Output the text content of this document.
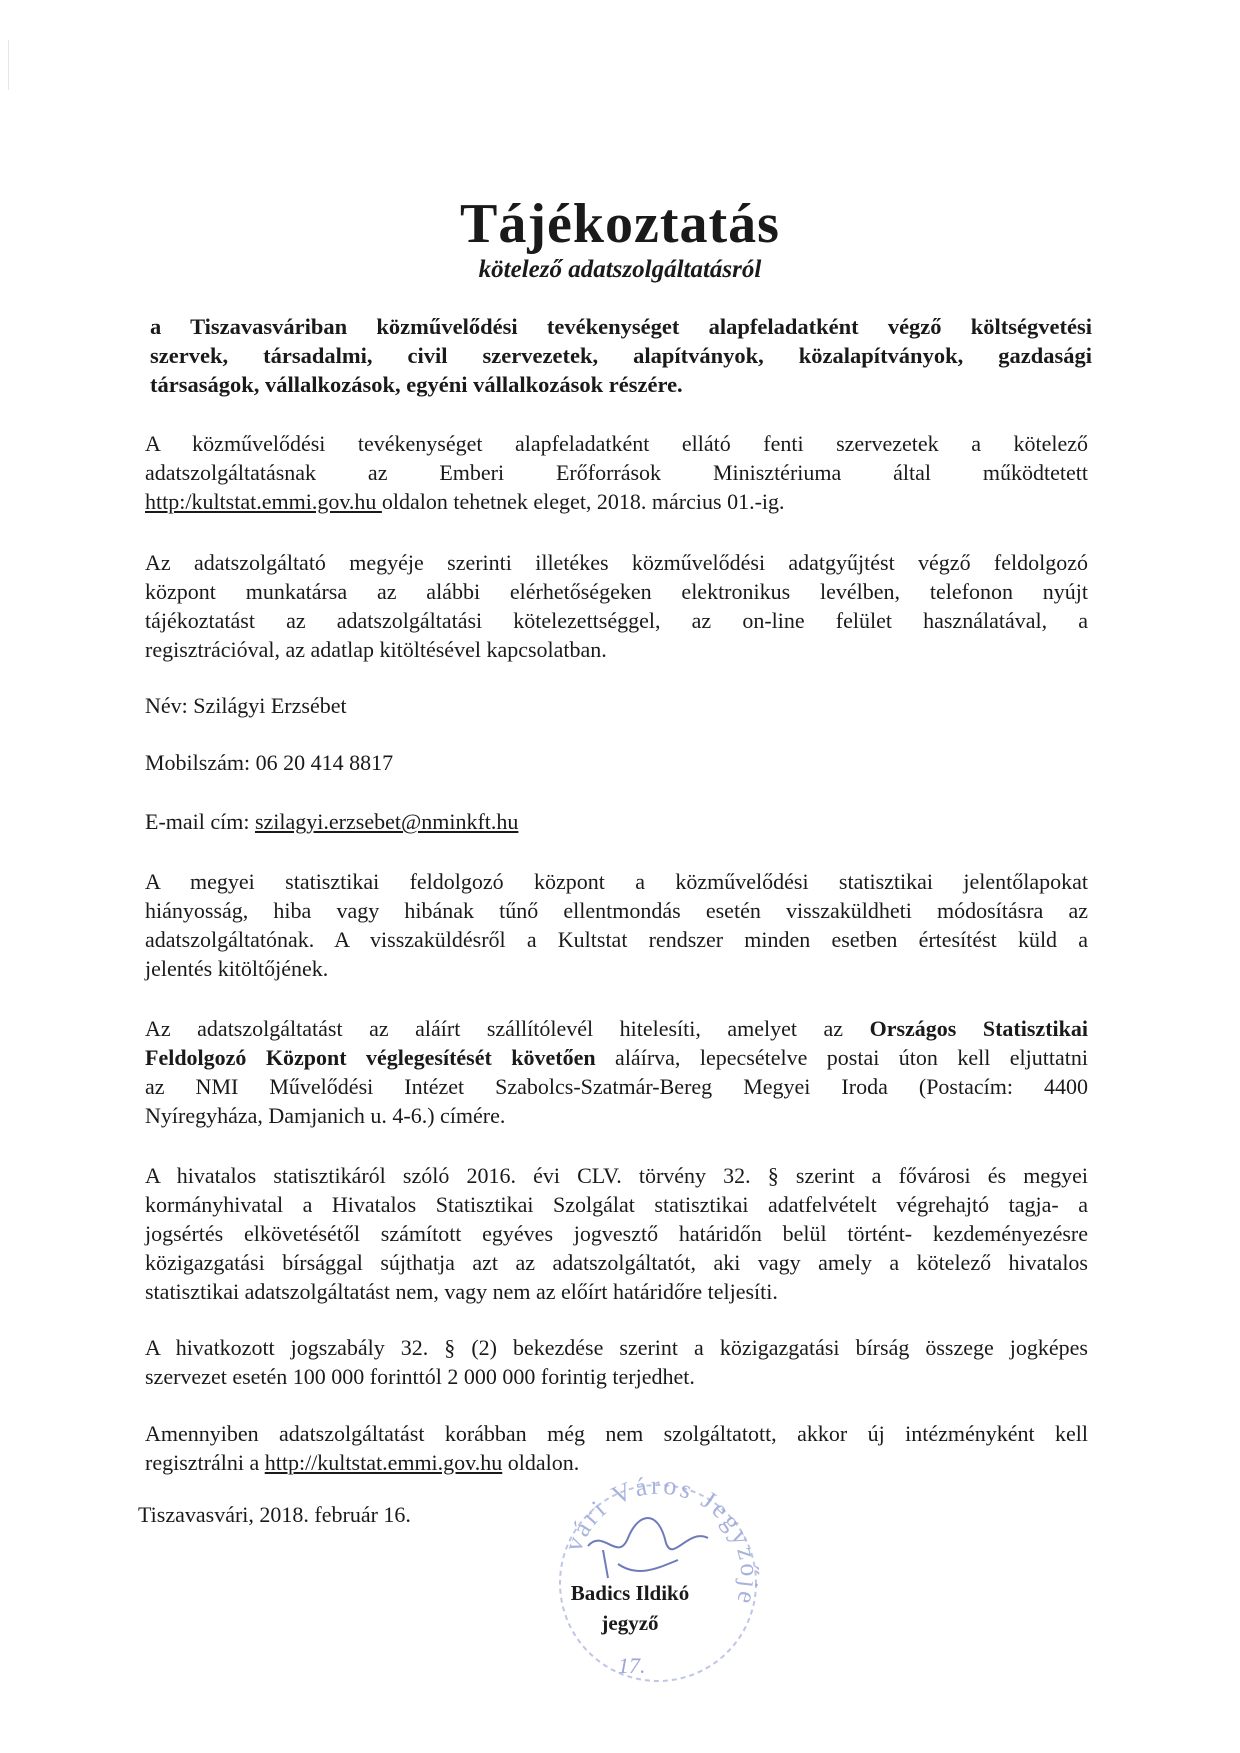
Tájékoztatás
kötelező adatszolgáltatásról
a Tiszavasváriban közművelődési tevékenységet alapfeladatként végző költségvetési
szervek, társadalmi, civil szervezetek, alapítványok, közalapítványok, gazdasági
társaságok, vállalkozások, egyéni vállalkozások részére.
A közművelődési tevékenységet alapfeladatként ellátó fenti szervezetek a kötelező
adatszolgáltatásnak az Emberi Erőforrások Minisztériuma által működtetett
http:/kultstat.emmi.gov.hu oldalon tehetnek eleget, 2018. március 01.-ig.
Az adatszolgáltató megyéje szerinti illetékes közművelődési adatgyűjtést végző feldolgozó
központ munkatársa az alábbi elérhetőségeken elektronikus levélben, telefonon nyújt
tájékoztatást az adatszolgáltatási kötelezettséggel, az on-line felület használatával, a
regisztrációval, az adatlap kitöltésével kapcsolatban.
Név: Szilágyi Erzsébet
Mobilszám: 06 20 414 8817
E-mail cím: szilagyi.erzsebet@nminkft.hu
A megyei statisztikai feldolgozó központ a közművelődési statisztikai jelentőlapokat
hiányosság, hiba vagy hibának tűnő ellentmondás esetén visszaküldheti módosításra az
adatszolgáltatónak. A visszaküldésről a Kultstat rendszer minden esetben értesítést küld a
jelentés kitöltőjének.
Az adatszolgáltatást az aláírt szállítólevél hitelesíti, amelyet az Országos Statisztikai
Feldolgozó Központ véglegesítését követően aláírva, lepecsételve postai úton kell eljuttatni
az NMI Művelődési Intézet Szabolcs-Szatmár-Bereg Megyei Iroda (Postacím: 4400
Nyíregyháza, Damjanich u. 4-6.) címére.
A hivatalos statisztikáról szóló 2016. évi CLV. törvény 32. § szerint a fővárosi és megyei
kormányhivatal a Hivatalos Statisztikai Szolgálat statisztikai adatfelvételt végrehajtó tagja- a
jogsértés elkövetésétől számított egyéves jogvesztő határidőn belül történt- kezdeményezésre
közigazgatási bírsággal sújthatja azt az adatszolgáltatót, aki vagy amely a kötelező hivatalos
statisztikai adatszolgáltatást nem, vagy nem az előírt határidőre teljesíti.
A hivatkozott jogszabály 32. § (2) bekezdése szerint a közigazgatási bírság összege jogképes
szervezet esetén 100 000 forinttól 2 000 000 forintig terjedhet.
Amennyiben adatszolgáltatást korábban még nem szolgáltatott, akkor új intézményként kell
regisztrálni a http://kultstat.emmi.gov.hu oldalon.
Tiszavasvári, 2018. február 16.
vári Város Jegyzője
17.
Badics Ildikó
jegyző
